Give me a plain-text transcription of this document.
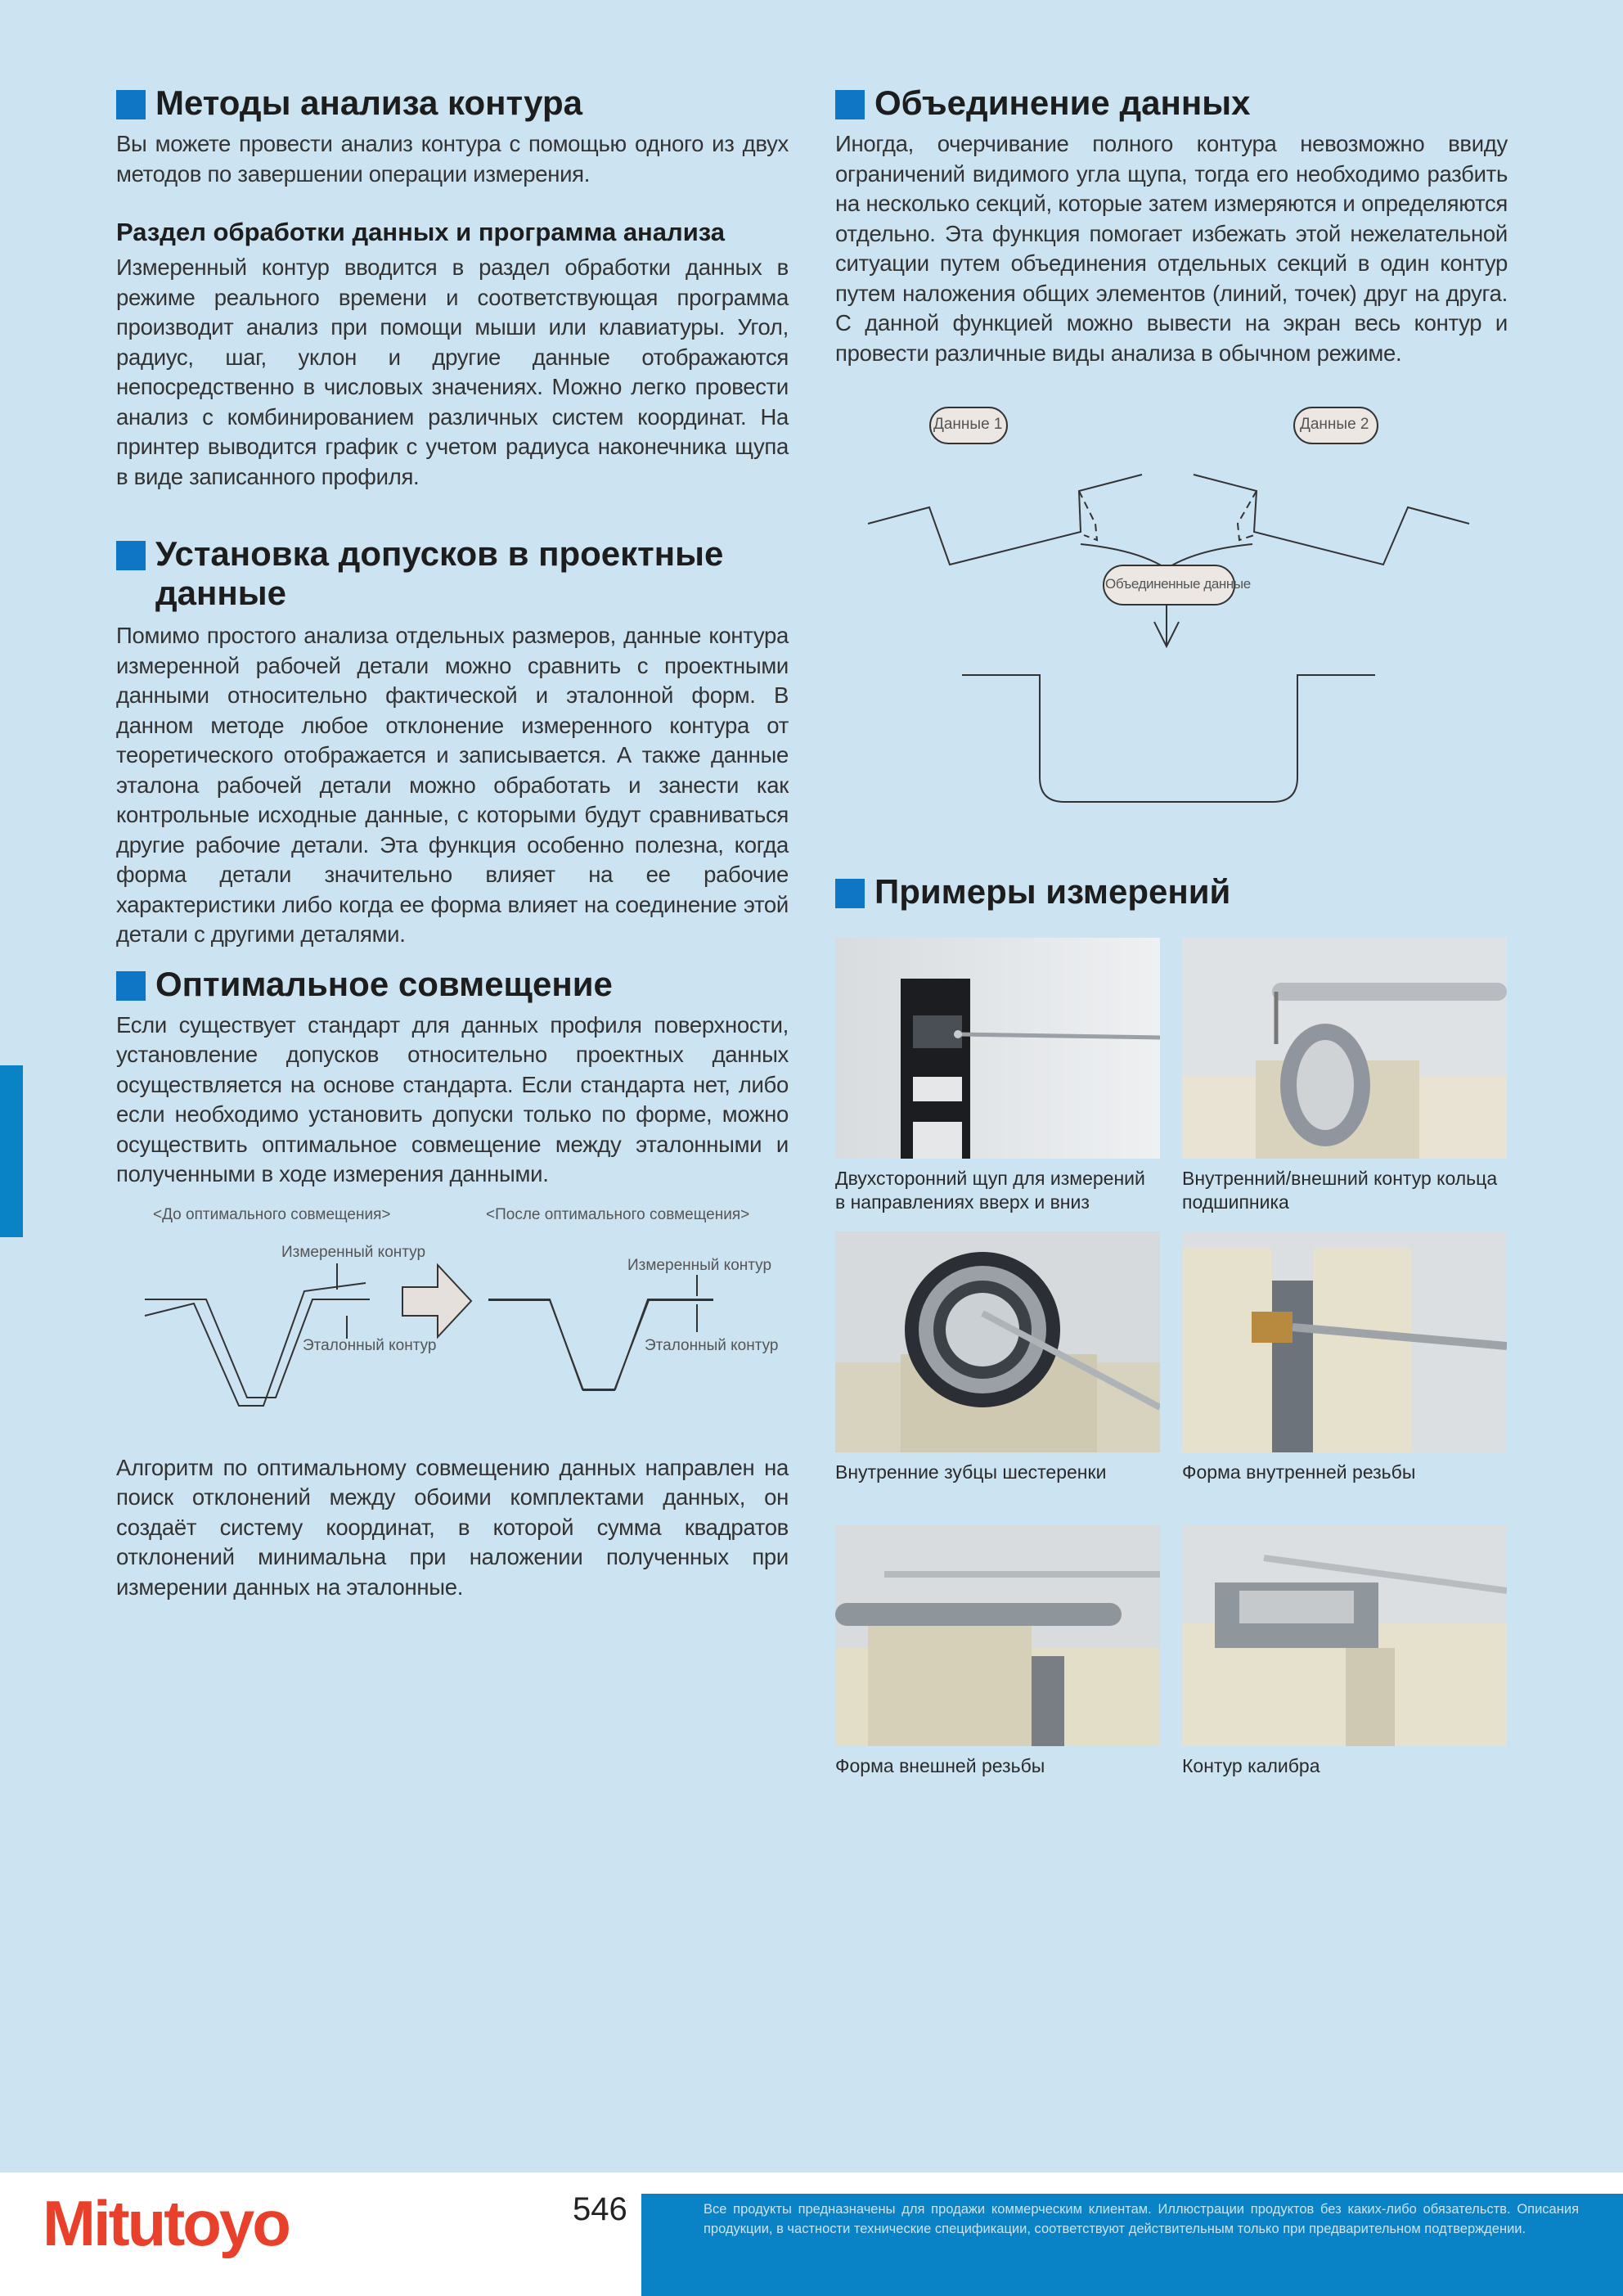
Методы анализа контура

Вы можете провести анализ контура с помощью одного из двух методов по завершении операции измерения.

Раздел обработки данных и программа анализа

Измеренный контур вводится в раздел обработки данных в режиме реального времени и соответствующая программа производит анализ при помощи мыши или клавиатуры. Угол, радиус, шаг, уклон и другие данные отображаются непосредственно в числовых значениях. Можно легко провести анализ с комбинированием различных систем координат. На принтер выводится график с учетом радиуса наконечника щупа в виде записанного профиля.

Установка допусков в проектные данные

Помимо простого анализа отдельных размеров, данные контура измеренной рабочей детали можно сравнить с проектными данными относительно фактической и эталонной форм. В данном методе любое отклонение измеренного контура от теоретического отображается и записывается. А также данные эталона рабочей детали можно обработать и занести как контрольные исходные данные, с которыми будут сравниваться другие рабочие детали. Эта функция особенно полезна, когда форма детали значительно влияет на ее рабочие характеристики либо когда ее форма влияет на соединение этой детали с другими деталями.

Оптимальное совмещение

Если существует стандарт для данных профиля поверхности, установление допусков относительно проектных данных осуществляется на основе стандарта. Если стандарта нет, либо если необходимо установить допуски только по форме, можно осуществить оптимальное совмещение между эталонными и полученными в ходе измерения данными.

<До оптимального совмещения>	<После оптимального совмещения>
Измеренный контур
Эталонный контур
Измеренный контур
Эталонный контур

Алгоритм по оптимальному совмещению данных направлен на поиск отклонений между обоими комплектами данных, он создаёт систему координат, в которой сумма квадратов отклонений минимальна при наложении полученных при измерении данных на эталонные.

Объединение данных

Иногда, очерчивание полного контура невозможно ввиду ограничений видимого угла щупа, тогда его необходимо разбить на несколько секций, которые затем измеряются и определяются отдельно. Эта функция помогает избежать этой нежелательной ситуации путем объединения отдельных секций в один контур путем наложения общих элементов (линий, точек) друг на друга. С данной функцией можно вывести на экран весь контур и провести различные виды анализа в обычном режиме.

Данные 1	Данные 2
Объединенные данные
Примеры измерений
Двухсторонний щуп для измерений в направлениях вверх и вниз
Внутренний/внешний контур кольца подшипника
Внутренние зубцы шестеренки	Форма внутренней резьбы
Форма внешней резьбы	Контур калибра
Mitutoyo	546	Все продукты предназначены для продажи коммерческим клиентам. Иллюстрации продуктов без каких-либо обязательств. Описания продукции, в частности технические спецификации, соответствуют действительным только при предварительном подтверждении.
